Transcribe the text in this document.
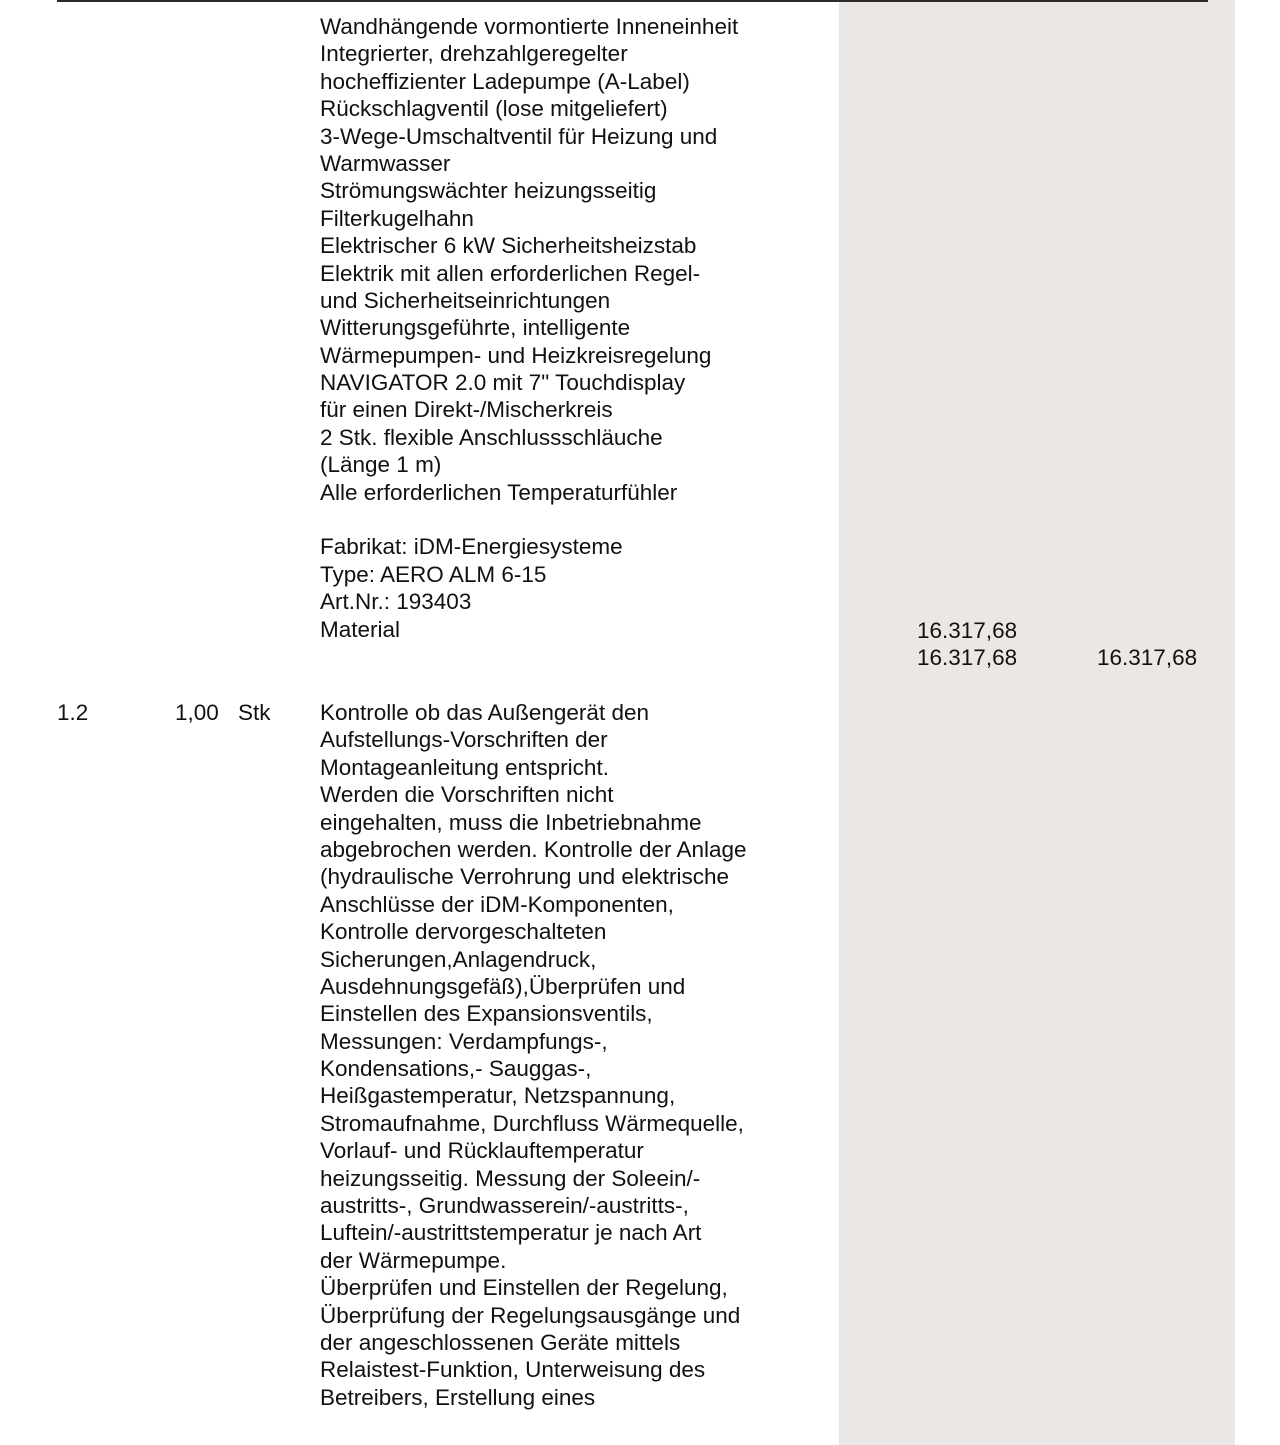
Wandhängende vormontierte Inneneinheit
Integrierter, drehzahlgeregelter
hocheffizienter Ladepumpe (A-Label)
Rückschlagventil (lose mitgeliefert)
3-Wege-Umschaltventil für Heizung und
Warmwasser
Strömungswächter heizungsseitig
Filterkugelhahn
Elektrischer 6 kW Sicherheitsheizstab
Elektrik mit allen erforderlichen Regel-
und Sicherheitseinrichtungen
Witterungsgeführte, intelligente
Wärmepumpen- und Heizkreisregelung
NAVIGATOR 2.0 mit 7" Touchdisplay
für einen Direkt-/Mischerkreis
2 Stk. flexible Anschlussschläuche
(Länge 1 m)
Alle erforderlichen Temperaturfühler
Fabrikat: iDM-Energiesysteme
Type: AERO ALM 6-15
Art.Nr.: 193403
Material	16.317,68
16.317,68	16.317,68
1.2	1,00 Stk Kontrolle ob das Außengerät den
Aufstellungs-Vorschriften der
Montageanleitung entspricht.
Werden die Vorschriften nicht
eingehalten, muss die Inbetriebnahme
abgebrochen werden. Kontrolle der Anlage
(hydraulische Verrohrung und elektrische
Anschlüsse der iDM-Komponenten,
Kontrolle dervorgeschalteten
Sicherungen,Anlagendruck,
Ausdehnungsgefäß),Überprüfen und
Einstellen des Expansionsventils,
Messungen: Verdampfungs-,
Kondensations,- Sauggas-,
Heißgastemperatur, Netzspannung,
Stromaufnahme, Durchfluss Wärmequelle,
Vorlauf- und Rücklauftemperatur
heizungsseitig. Messung der Soleein/-
austritts-, Grundwasserein/-austritts-,
Luftein/-austrittstemperatur je nach Art
der Wärmepumpe.
Überprüfen und Einstellen der Regelung,
Überprüfung der Regelungsausgänge und
der angeschlossenen Geräte mittels
Relaistest-Funktion, Unterweisung des
Betreibers, Erstellung eines
